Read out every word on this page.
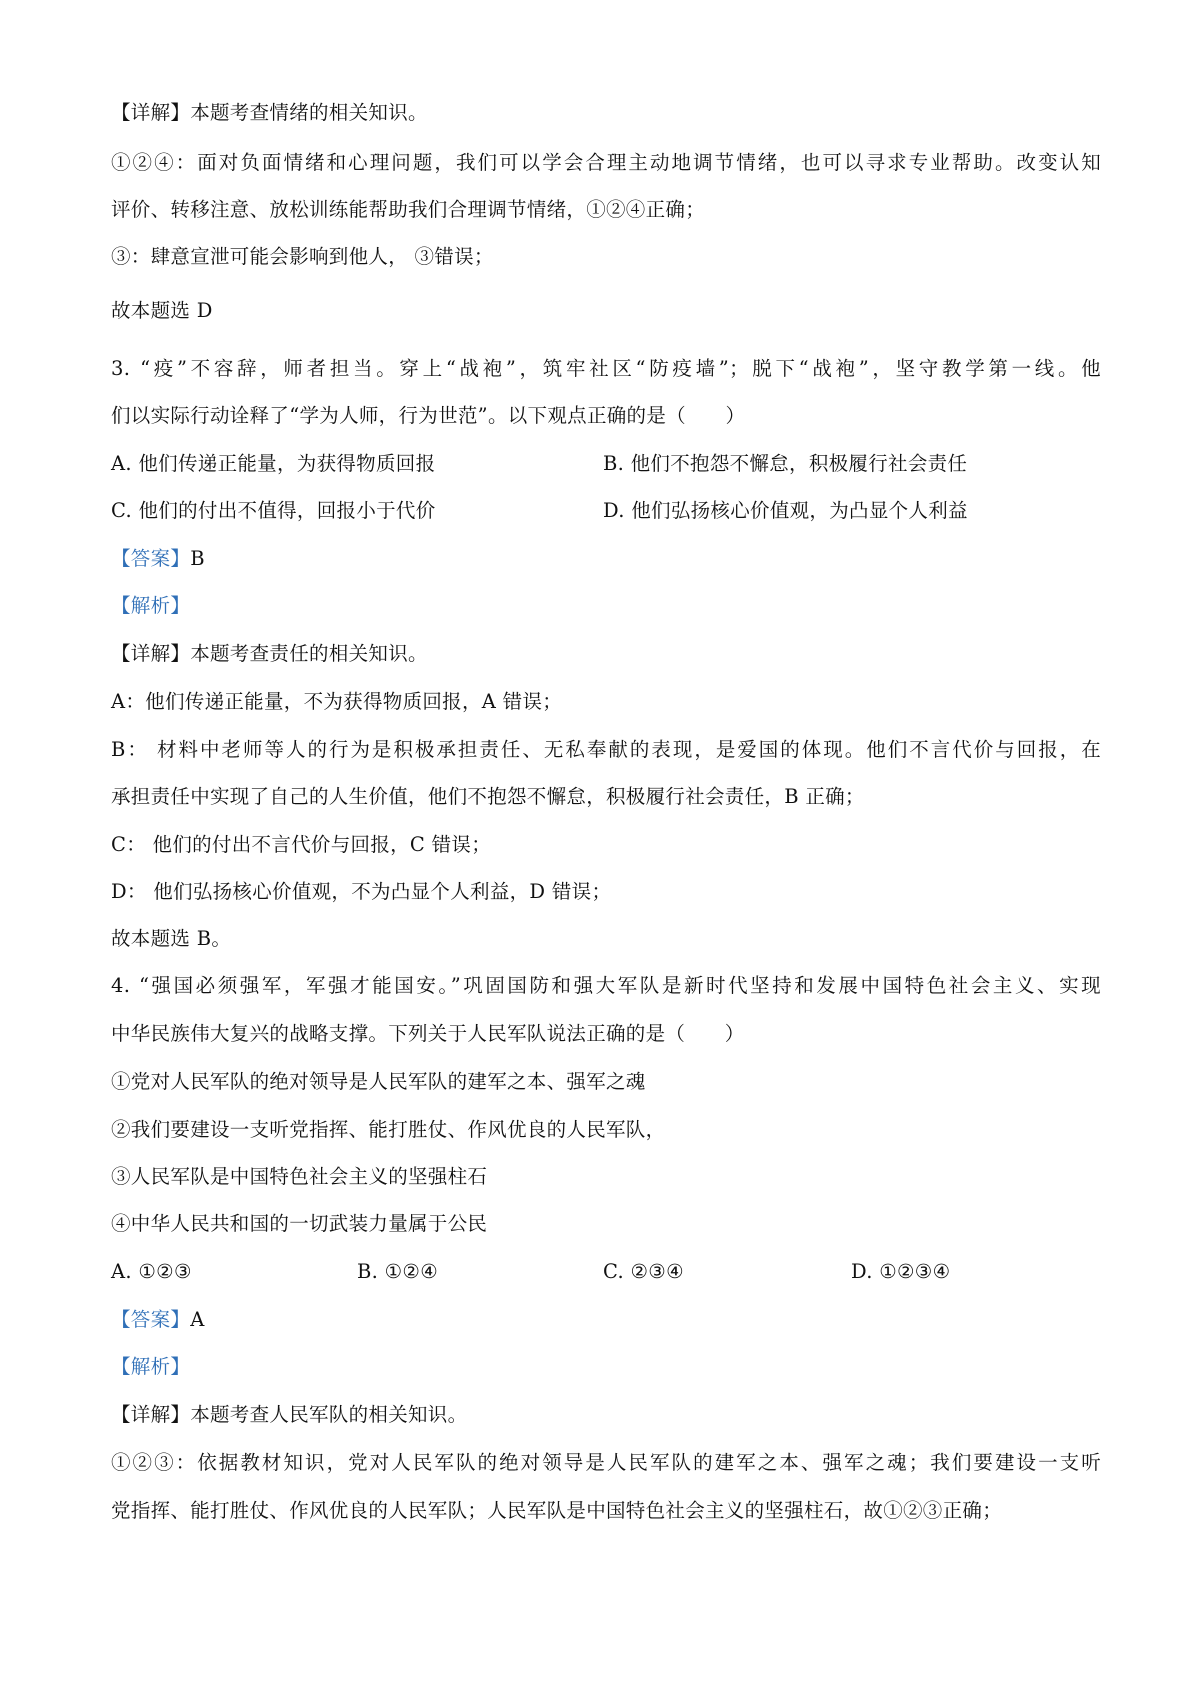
【详解】本题考查情绪的相关知识。
①②④：面对负面情绪和心理问题，我们可以学会合理主动地调节情绪，也可以寻求专业帮助。改变认知
评价、转移注意、放松训练能帮助我们合理调节情绪，①②④正确；
③：肆意宣泄可能会影响到他人， ③错误；
故本题选 D
3. “疫”不容辞，师者担当。穿上“战袍”，筑牢社区“防疫墙”；脱下“战袍”，坚守教学第一线。他
们以实际行动诠释了“学为人师，行为世范”。以下观点正确的是（　　）
A. 他们传递正能量，为获得物质回报	B. 他们不抱怨不懈怠，积极履行社会责任
C. 他们的付出不值得，回报小于代价	D. 他们弘扬核心价值观，为凸显个人利益
【答案】B
【解析】
【详解】本题考查责任的相关知识。
A：他们传递正能量，不为获得物质回报，A 错误；
B： 材料中老师等人的行为是积极承担责任、无私奉献的表现，是爱国的体现。他们不言代价与回报，在
承担责任中实现了自己的人生价值，他们不抱怨不懈怠，积极履行社会责任，B 正确；
C： 他们的付出不言代价与回报，C 错误；
D： 他们弘扬核心价值观，不为凸显个人利益，D 错误；
故本题选 B。
4. “强国必须强军，军强才能国安。”巩固国防和强大军队是新时代坚持和发展中国特色社会主义、实现
中华民族伟大复兴的战略支撑。下列关于人民军队说法正确的是（　　）
①党对人民军队的绝对领导是人民军队的建军之本、强军之魂
②我们要建设一支听党指挥、能打胜仗、作风优良的人民军队，
③人民军队是中国特色社会主义的坚强柱石
④中华人民共和国的一切武装力量属于公民
A. ①②③	B. ①②④	C. ②③④	D. ①②③④
【答案】A
【解析】
【详解】本题考查人民军队的相关知识。
①②③：依据教材知识，党对人民军队的绝对领导是人民军队的建军之本、强军之魂；我们要建设一支听
党指挥、能打胜仗、作风优良的人民军队；人民军队是中国特色社会主义的坚强柱石，故①②③正确；
